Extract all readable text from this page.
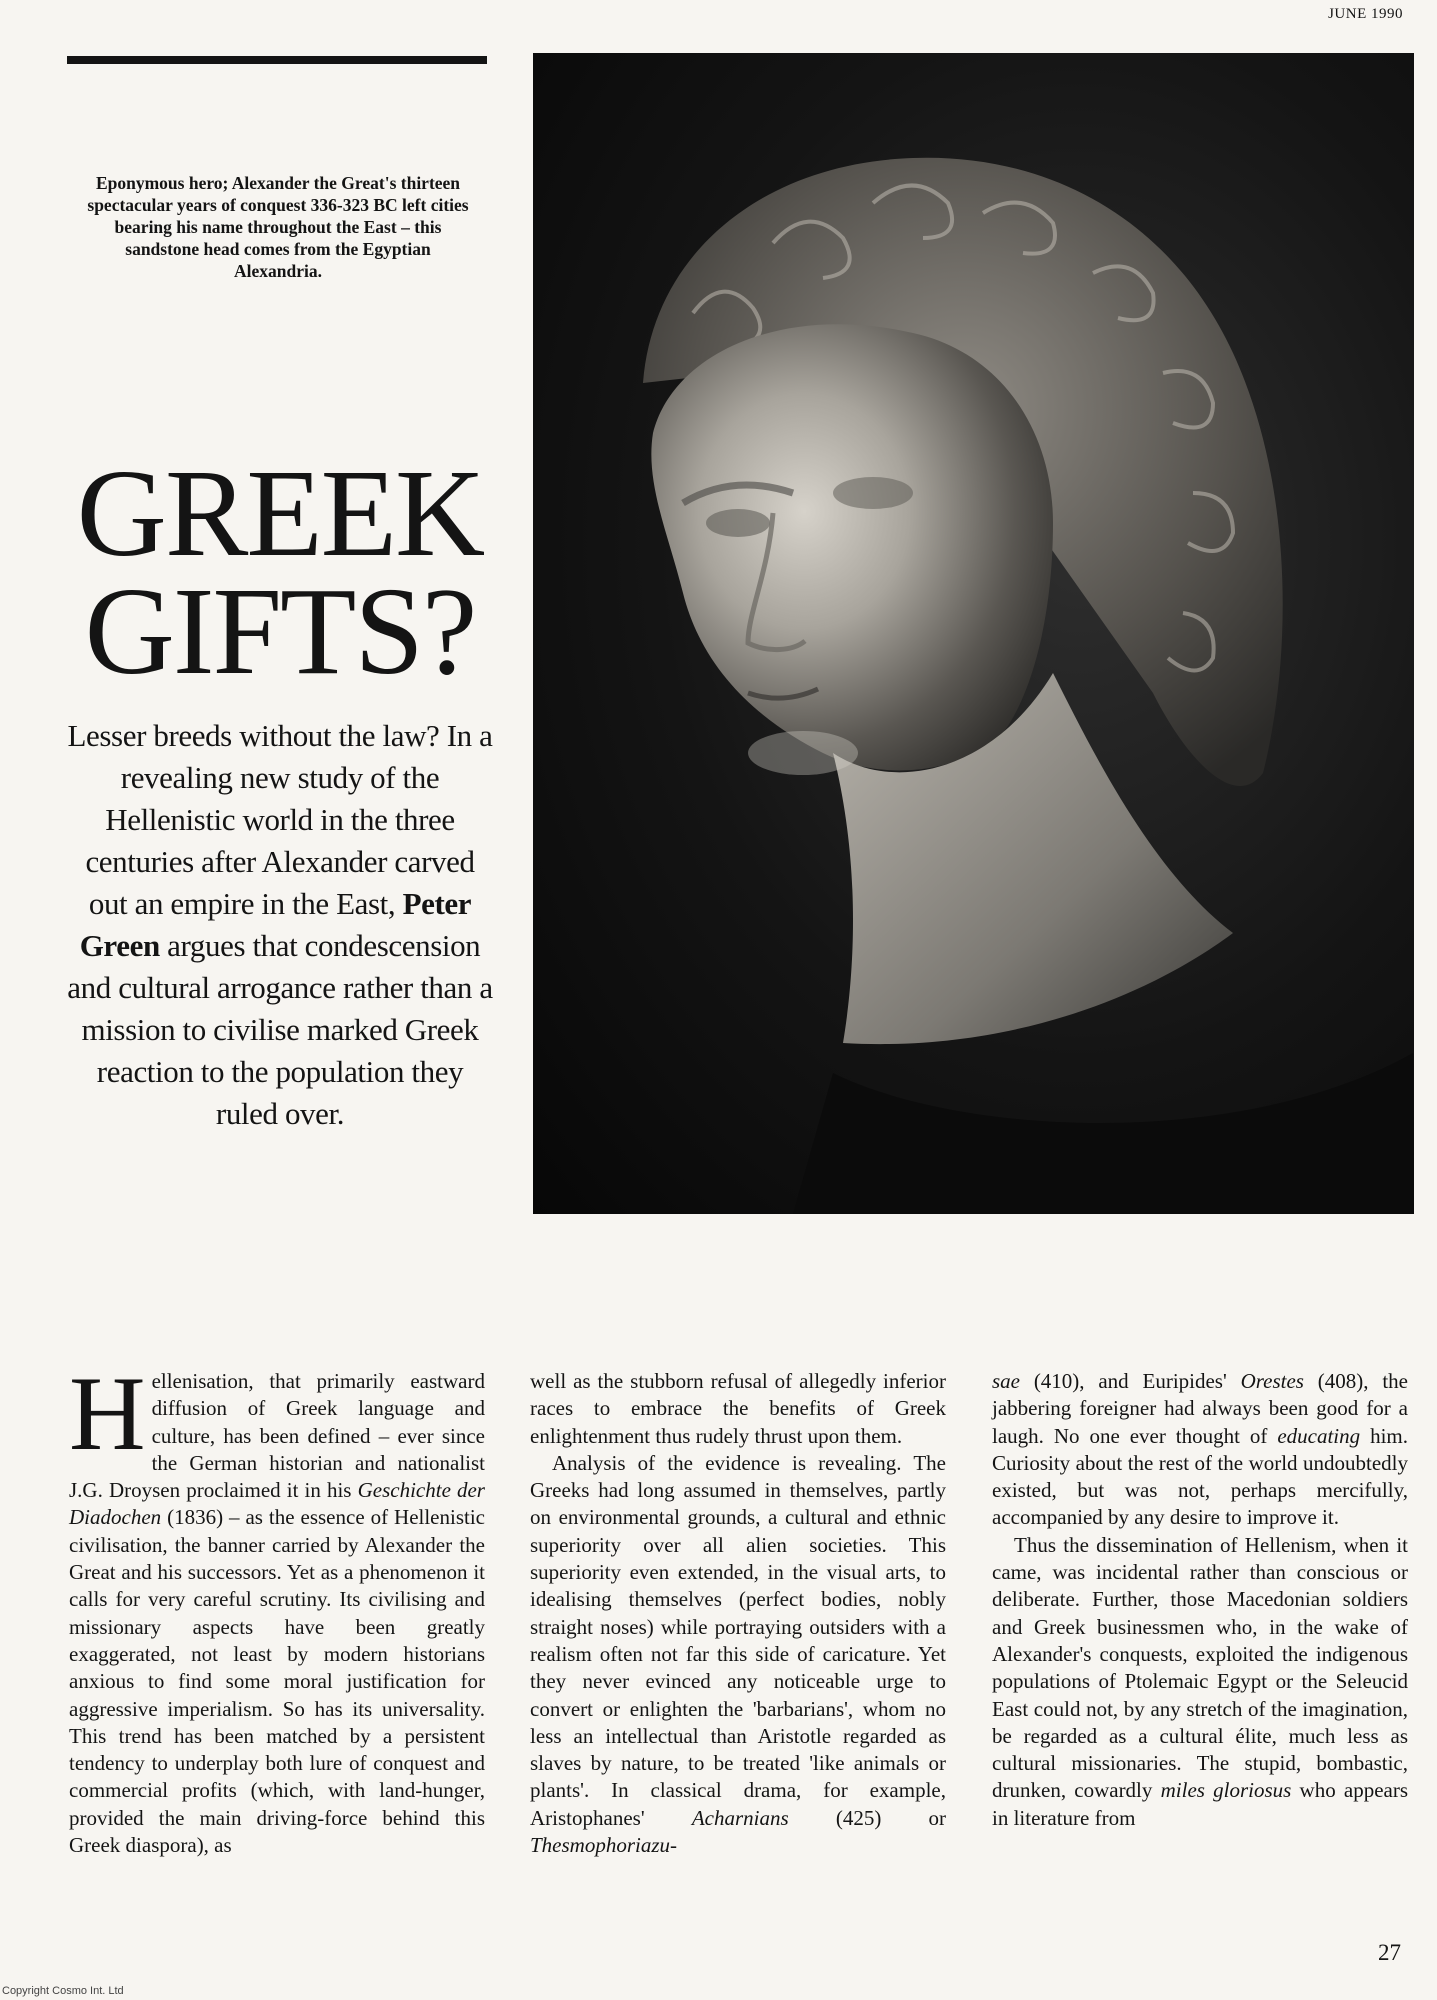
JUNE 1990
Eponymous hero; Alexander the Great's thirteen spectacular years of conquest 336-323 BC left cities bearing his name throughout the East – this sandstone head comes from the Egyptian Alexandria.
GREEK
GIFTS?
Lesser breeds without the law? In a revealing new study of the Hellenistic world in the three centuries after Alexander carved out an empire in the East, Peter Green argues that condescension and cultural arrogance rather than a mission to civilise marked Greek reaction to the population they ruled over.

Hellenisation, that primarily eastward diffusion of Greek language and culture, has been defined – ever since the German historian and nationalist J.G. Droysen proclaimed it in his Geschichte der Diadochen (1836) – as the essence of Hellenistic civilisation, the banner carried by Alexander the Great and his successors. Yet as a phenomenon it calls for very careful scrutiny. Its civilising and missionary aspects have been greatly exaggerated, not least by modern historians anxious to find some moral justification for aggressive imperialism. So has its universality. This trend has been matched by a persistent tendency to underplay both lure of conquest and commercial profits (which, with land-hunger, provided the main driving-force behind this Greek diaspora), as

well as the stubborn refusal of allegedly inferior races to embrace the benefits of Greek enlightenment thus rudely thrust upon them.

Analysis of the evidence is revealing. The Greeks had long assumed in themselves, partly on environmental grounds, a cultural and ethnic superiority over all alien societies. This superiority even extended, in the visual arts, to idealising themselves (perfect bodies, nobly straight noses) while portraying outsiders with a realism often not far this side of caricature. Yet they never evinced any noticeable urge to convert or enlighten the 'barbarians', whom no less an intellectual than Aristotle regarded as slaves by nature, to be treated 'like animals or plants'. In classical drama, for example, Aristophanes' Acharnians (425) or Thesmophoriazu-

sae (410), and Euripides' Orestes (408), the jabbering foreigner had always been good for a laugh. No one ever thought of educating him. Curiosity about the rest of the world undoubtedly existed, but was not, perhaps mercifully, accompanied by any desire to improve it.

Thus the dissemination of Hellenism, when it came, was incidental rather than conscious or deliberate. Further, those Macedonian soldiers and Greek businessmen who, in the wake of Alexander's conquests, exploited the indigenous populations of Ptolemaic Egypt or the Seleucid East could not, by any stretch of the imagination, be regarded as a cultural élite, much less as cultural missionaries. The stupid, bombastic, drunken, cowardly miles gloriosus who appears in literature from

27
Copyright Cosmo Int. Ltd
